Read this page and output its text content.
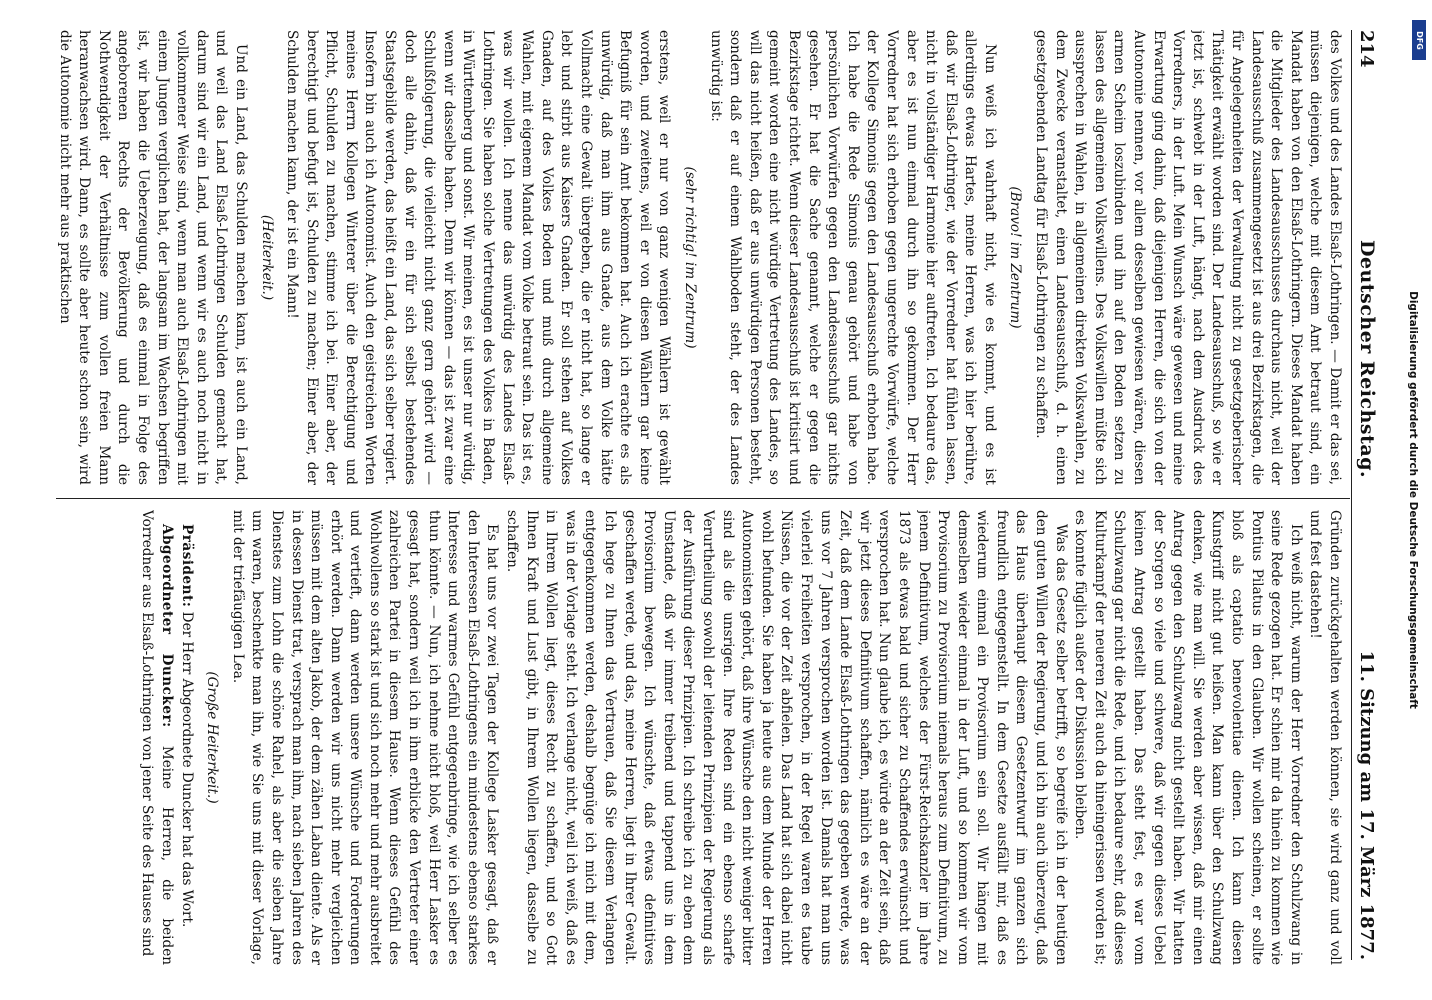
214
Deutscher Reichstag.
11. Sitzung am 17. März 1877.

des Volkes und des Landes Elsaß-Lothringen. — Damit er das sei, müssen diejenigen, welche mit diesem Amt betraut sind, ein Mandat haben von den Elsaß-Lothringern. Dieses Mandat haben die Mitglieder des Landesausschusses durchaus nicht, weil der Landesausschuß zusammengesetzt ist aus drei Bezirkstagen, die für Angelegenheiten der Verwaltung nicht zu gesetzgeberischer Thätigkeit erwählt worden sind. Der Landesausschuß, so wie er jetzt ist, schwebt in der Luft, hängt, nach dem Ausdruck des Vorredners, in der Luft. Mein Wunsch wäre gewesen und meine Erwartung ging dahin, daß diejenigen Herren, die sich von der Autonomie nennen, vor allem desselben gewiesen wären, diesen armen Scheim loszubinden und ihn auf den Boden setzen zu lassen des allgemeinen Volkswillens. Des Volkswillen müßte sich aussprechen in Wahlen, in allgemeinen direkten Volkswahlen, zu dem Zwecke veranstaltet, einen Landesausschuß, d. h. einen gesetzgebenden Landtag für Elsaß-Lothringen zu schaffen.

(Bravo! im Zentrum)

Nun weiß ich wahrhaft nicht, wie es kommt, und es ist allerdings etwas Hartes, meine Herren, was ich hier berühre, daß wir Elsaß-Lothringer, wie der Vorredner hat fühlen lassen, nicht in vollständiger Harmonie hier auftreten. Ich bedaure das, aber es ist nun einmal durch ihn so gekommen. Der Herr Vorredner hat sich erhoben gegen ungerechte Vorwürfe, welche der Kollege Simonis gegen den Landesausschuß erhoben habe. Ich habe die Rede Simonis genau gehört und habe von persönlichen Vorwürfen gegen den Landesausschuß gar nichts gesehen. Er hat die Sache genannt, welche er gegen die Bezirkstage richtet. Wenn dieser Landesausschuß ist kritisirt und gemeint worden eine nicht würdige Vertretung des Landes, so will das nicht heißen, daß er aus unwürdigen Personen besteht, sondern daß er auf einem Wahlboden steht, der des Landes unwürdig ist:

(sehr richtig! im Zentrum)

erstens, weil er nur von ganz wenigen Wählern ist gewählt worden, und zweitens, weil er von diesen Wählern gar keine Befugniß für sein Amt bekommen hat. Auch ich erachte es als unwürdig, daß man ihm aus Gnade, aus dem Volke hätte Vollmacht eine Gewalt übergeben, die er nicht hat, so lange er lebt und stirbt aus Kaisers Gnaden. Er soll stehen auf Volkes Gnaden, auf des Volkes Boden und muß durch allgemeine Wahlen, mit eigenem Mandat vom Volke betraut sein. Das ist es, was wir wollen. Ich nenne das unwürdig des Landes Elsaß-Lothringen. Sie haben solche Vertretungen des Volkes in Baden, in Württemberg und sonst. Wir meinen, es ist unser nur würdig, wenn wir dasselbe haben. Denn wir können — das ist zwar eine Schlußfolgerung, die vielleicht nicht ganz gern gehört wird — doch alle dahin, daß wir ein für sich selbst bestehendes Staatsgebilde werden, das heißt ein Land, das sich selber regiert. Insofern bin auch ich Autonomist. Auch den geistreichen Worten meines Herrn Kollegen Winterer über die Berechtigung und Pflicht, Schulden zu machen, stimme ich bei. Einer aber, der berechtigt und befugt ist, Schulden zu machen; Einer aber, der Schulden machen kann, der ist ein Mann!

(Heiterkeit.)

Und ein Land, das Schulden machen kann, ist auch ein Land, und weil das Land Elsaß-Lothringen Schulden gemacht hat, darum sind wir ein Land, und wenn wir es auch noch nicht in vollkommener Weise sind, wenn man auch Elsaß-Lothringen mit einem Jungen verglichen hat, der langsam im Wachsen begriffen ist, wir haben die Ueberzeugung, daß es einmal in Folge des angeborenen Rechts der Bevölkerung und durch die Nothwendigkeit der Verhältnisse zum vollen freien Mann heranwachsen wird. Dann, es sollte aber heute schon sein, wird die Autonomie nicht mehr aus praktischen

Gründen zurückgehalten werden können, sie wird ganz und voll und fest dastehen!

Ich weiß nicht, warum der Herr Vorredner den Schulzwang in seine Rede gezogen hat. Er schien mir da hinein zu kommen wie Pontius Pilatus in den Glauben. Wir wollen scheinen, er sollte bloß als captatio benevolentiae dienen. Ich kann diesen Kunstgriff nicht gut heißen. Man kann über den Schulzwang denken, wie man will. Sie werden aber wissen, daß mir einen Antrag gegen den Schulzwang nicht gestellt haben. Wir hatten der Sorgen so viele und schwere, daß wir gegen dieses Uebel keinen Antrag gestellt haben. Das steht fest, es war vom Schulzwang gar nicht die Rede, und ich bedaure sehr, daß dieses Kulturkampf der neueren Zeit auch da hineingerissen worden ist; es konnte füglich außer der Diskussion bleiben.

Was das Gesetz selber betrifft, so begreife ich in der heutigen den guten Willen der Regierung, und ich bin auch überzeugt, daß das Haus überhaupt diesem Gesetzentwurf im ganzen sich freundlich entgegenstellt. In dem Gesetze ausfällt mir, daß es wiederum einmal ein Provisorium sein soll. Wir hängen mit demselben wieder einmal in der Luft, und so kommen wir vom Provisorium zu Provisorium niemals heraus zum Definitivum, zu jenem Definitivum, welches der Fürst-Reichskanzler im Jahre 1873 als etwas bald und sicher zu Schaffendes erwünscht und versprochen hat. Nun glaube ich, es würde an der Zeit sein, daß wir jetzt dieses Definitivum schaffen, nämlich es wäre an der Zeit, daß dem Lande Elsaß-Lothringen das gegeben werde, was uns vor 7 Jahren versprochen worden ist. Damals hat man uns vielerlei Freiheiten versprochen, in der Regel waren es taube Nüssen, die vor der Zeit abfielen. Das Land hat sich dabei nicht wohl befunden. Sie haben ja heute aus dem Munde der Herren Autonomisten gehört, daß ihre Wünsche den nicht weniger bitter sind als die unsrigen. Ihre Reden sind ein ebenso scharfe Verurtheilung sowohl der leitenden Prinzipien der Regierung als der Ausführung dieser Prinzipien. Ich schreibe ich zu eben dem Umstande, daß wir immer treibend und tappend uns in dem Provisorium bewegen. Ich wünschte, daß etwas definitives geschaffen werde, und das, meine Herren, liegt in Ihrer Gewalt. Ich hege zu Ihnen das Vertrauen, daß Sie diesem Verlangen entgegenkommen werden, deshalb begnüge ich mich mit dem, was in der Vorlage steht. Ich verlange nicht, weil ich weiß, daß es in Ihrem Wollen liegt, dieses Recht zu schaffen, und so Gott Ihnen Kraft und Lust gibt, in Ihrem Wollen liegen, dasselbe zu schaffen.

Es hat uns vor zwei Tagen der Kollege Lasker gesagt, daß er den Interessen Elsaß-Lothringens ein mindestens ebenso starkes Interesse und warmes Gefühl entgegenbringe, wie ich selber es thun könnte. — Nun, ich nehme nicht bloß, weil Herr Lasker es gesagt hat, sondern weil ich in ihm erblicke den Vertreter einer zahlreichen Partei in diesem Hause. Wenn dieses Gefühl des Wohlwollens so stark ist und sich noch mehr und mehr ausbreitet und vertieft, dann werden unsere Wünsche und Forderungen erhört werden. Dann werden wir uns nicht mehr vergleichen müssen mit dem alten Jakob, der dem zähen Laban diente. Als er in dessen Dienst trat, versprach man ihm, nach sieben Jahren des Dienstes zum Lohn die schöne Rahel, als aber die sieben Jahre um waren, beschenkte man ihn, wie Sie uns mit dieser Vorlage, mit der triefäugigen Lea.

(Große Heiterkeit.)

Präsident: Der Herr Abgeordnete Duncker hat das Wort.

Abgeordneter Duncker: Meine Herren, die beiden Vorredner aus Elsaß-Lothringen von jener Seite des Hauses sind

Digitalisierung gefördert durch die Deutsche Forschungsgemeinschaft
DFG
